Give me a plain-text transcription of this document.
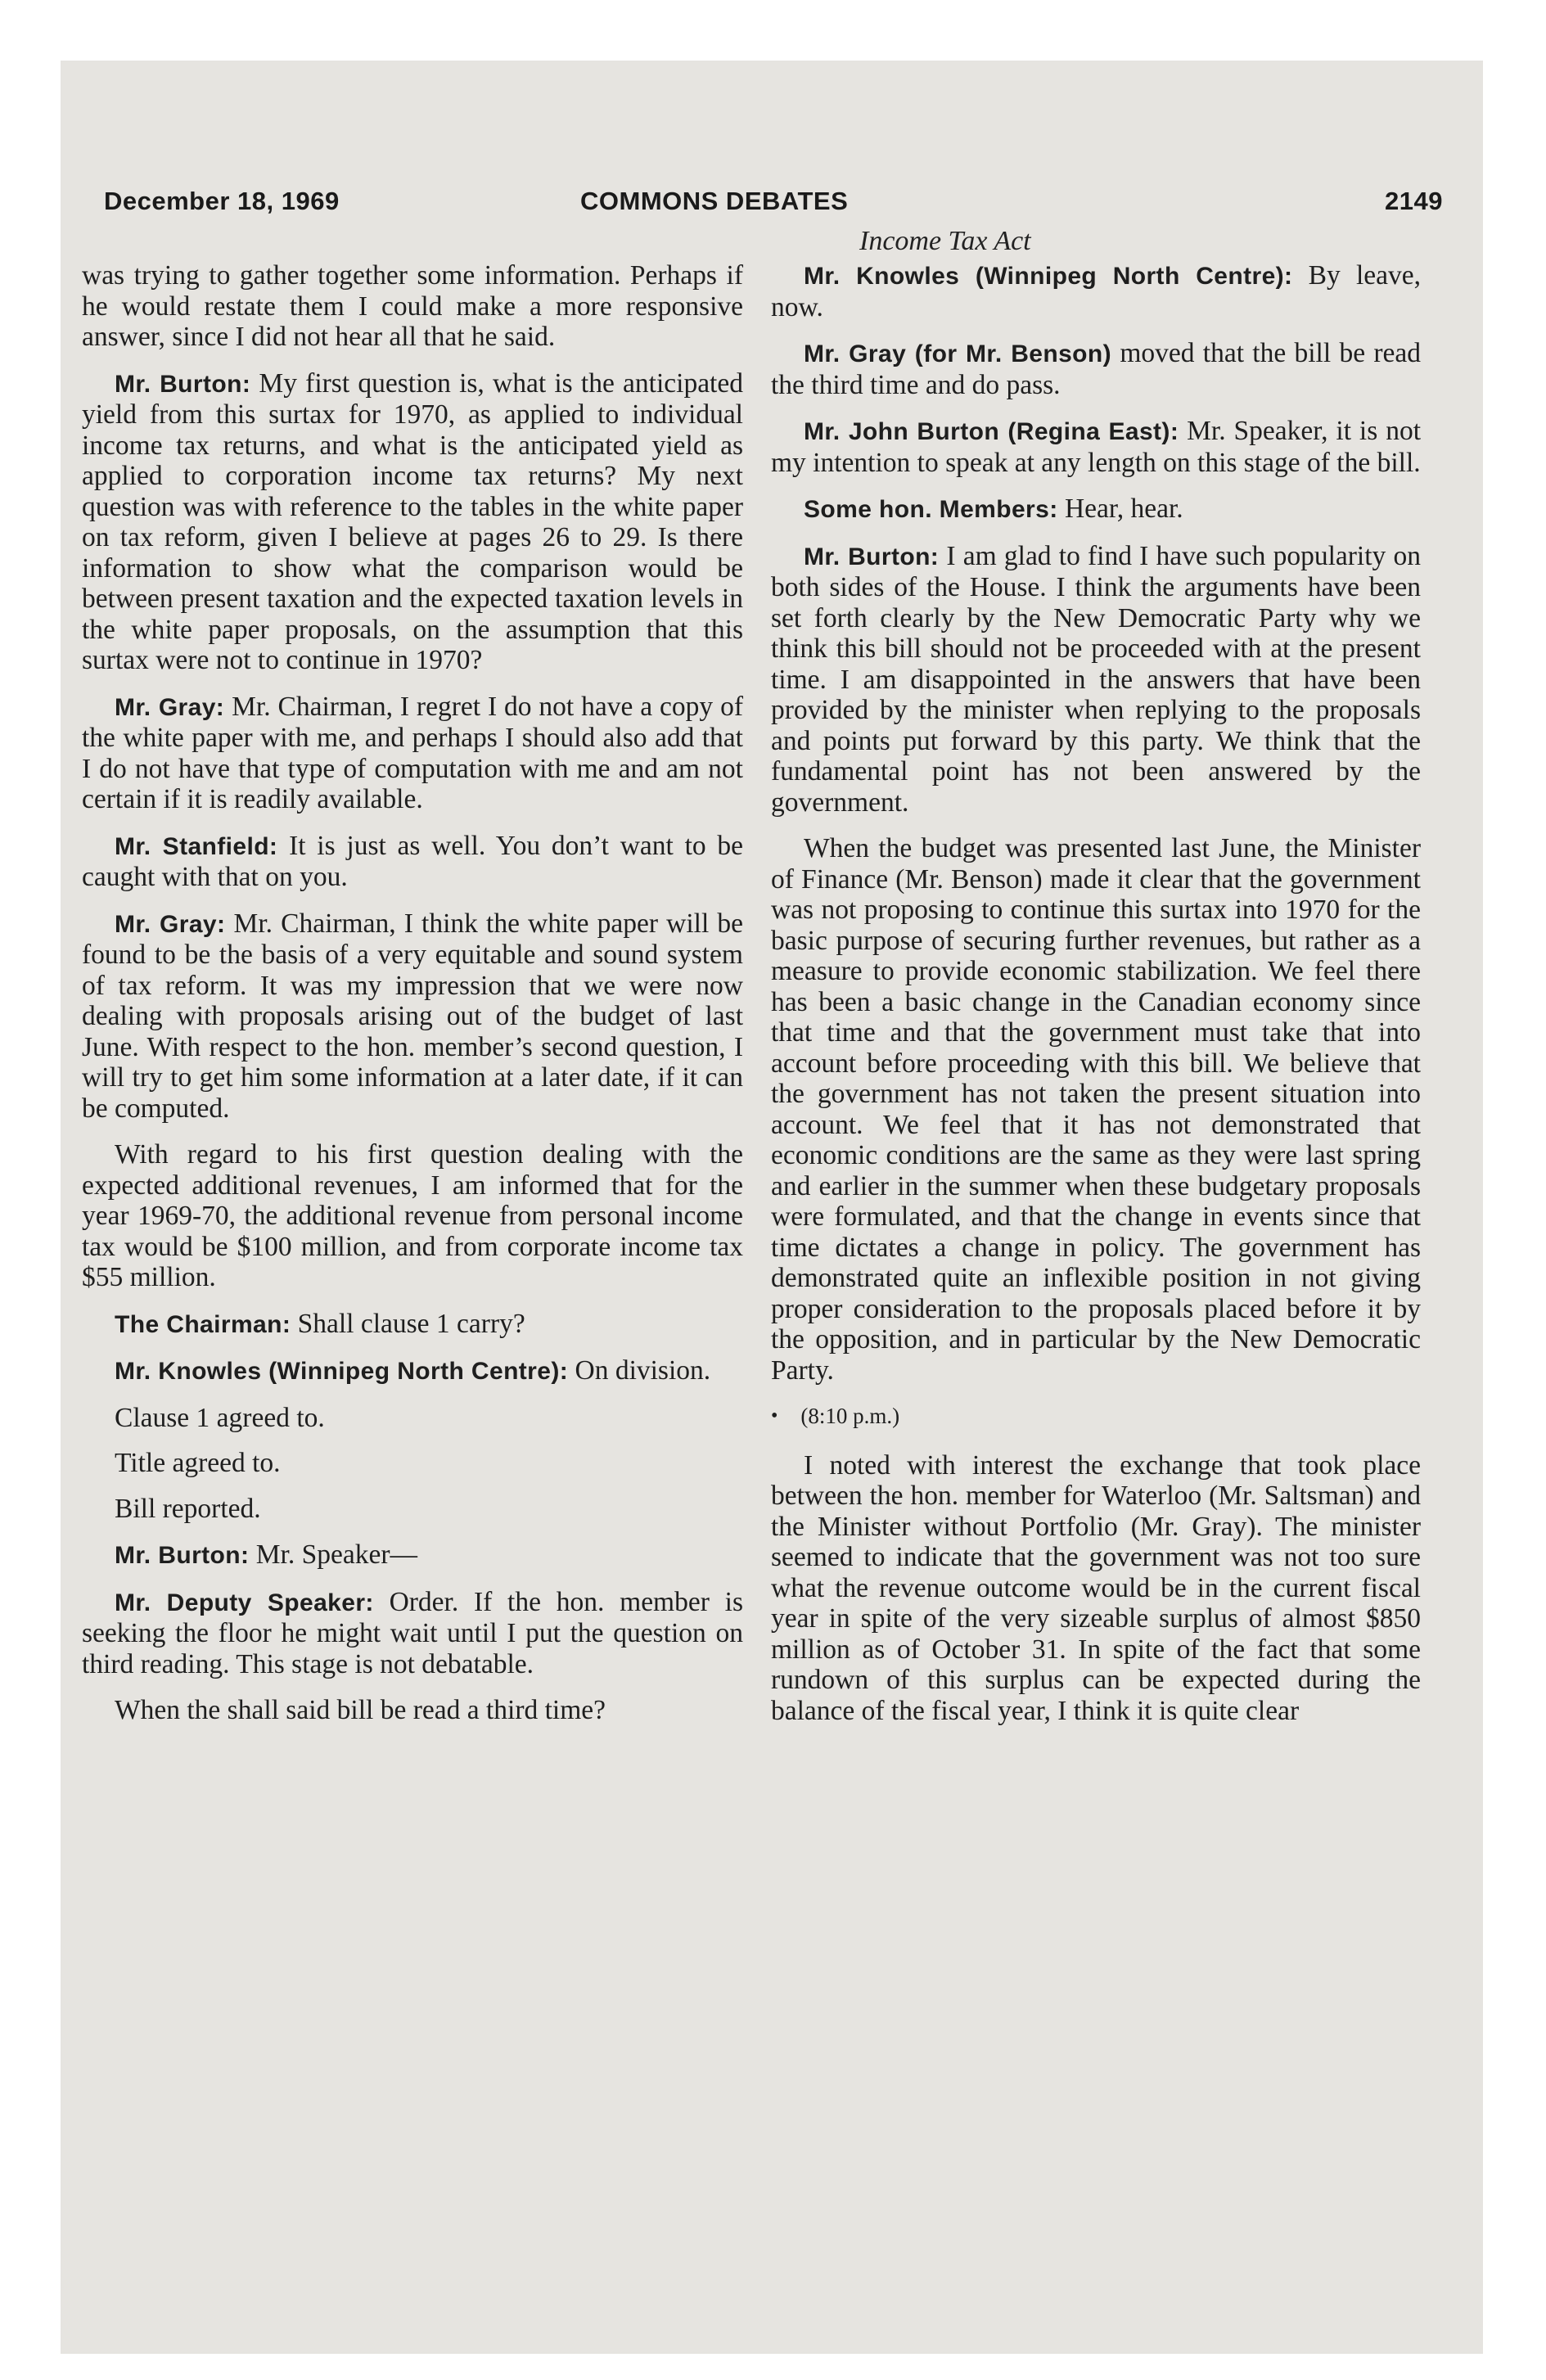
December 18, 1969	COMMONS DEBATES	2149
Income Tax Act

was trying to gather together some information. Perhaps if he would restate them I could make a more responsive answer, since I did not hear all that he said.

Mr. Burton: My first question is, what is the anticipated yield from this surtax for 1970, as applied to individual income tax returns, and what is the anticipated yield as applied to corporation income tax returns? My next question was with reference to the tables in the white paper on tax reform, given I believe at pages 26 to 29. Is there information to show what the comparison would be between present taxation and the expected taxation levels in the white paper proposals, on the assumption that this surtax were not to continue in 1970?

Mr. Gray: Mr. Chairman, I regret I do not have a copy of the white paper with me, and perhaps I should also add that I do not have that type of computation with me and am not certain if it is readily available.

Mr. Stanfield: It is just as well. You don’t want to be caught with that on you.

Mr. Gray: Mr. Chairman, I think the white paper will be found to be the basis of a very equitable and sound system of tax reform. It was my impression that we were now dealing with proposals arising out of the budget of last June. With respect to the hon. member’s second question, I will try to get him some information at a later date, if it can be computed.

With regard to his first question dealing with the expected additional revenues, I am informed that for the year 1969-70, the additional revenue from personal income tax would be $100 million, and from corporate income tax $55 million.

The Chairman: Shall clause 1 carry?

Mr. Knowles (Winnipeg North Centre): On division.

Clause 1 agreed to.

Title agreed to.

Bill reported.

Mr. Burton: Mr. Speaker—

Mr. Deputy Speaker: Order. If the hon. member is seeking the floor he might wait until I put the question on third reading. This stage is not debatable.

When the shall said bill be read a third time?

Mr. Knowles (Winnipeg North Centre): By leave, now.

Mr. Gray (for Mr. Benson) moved that the bill be read the third time and do pass.

Mr. John Burton (Regina East): Mr. Speaker, it is not my intention to speak at any length on this stage of the bill.

Some hon. Members: Hear, hear.

Mr. Burton: I am glad to find I have such popularity on both sides of the House. I think the arguments have been set forth clearly by the New Democratic Party why we think this bill should not be proceeded with at the present time. I am disappointed in the answers that have been provided by the minister when replying to the proposals and points put forward by this party. We think that the fundamental point has not been answered by the government.

When the budget was presented last June, the Minister of Finance (Mr. Benson) made it clear that the government was not proposing to continue this surtax into 1970 for the basic purpose of securing further revenues, but rather as a measure to provide economic stabilization. We feel there has been a basic change in the Canadian economy since that time and that the government must take that into account before proceeding with this bill. We believe that the government has not taken the present situation into account. We feel that it has not demonstrated that economic conditions are the same as they were last spring and earlier in the summer when these budgetary proposals were formulated, and that the change in events since that time dictates a change in policy. The government has demonstrated quite an inflexible position in not giving proper consideration to the proposals placed before it by the opposition, and in particular by the New Democratic Party.

• (8:10 p.m.)

I noted with interest the exchange that took place between the hon. member for Waterloo (Mr. Saltsman) and the Minister without Portfolio (Mr. Gray). The minister seemed to indicate that the government was not too sure what the revenue outcome would be in the current fiscal year in spite of the very sizeable surplus of almost $850 million as of October 31. In spite of the fact that some rundown of this surplus can be expected during the balance of the fiscal year, I think it is quite clear
